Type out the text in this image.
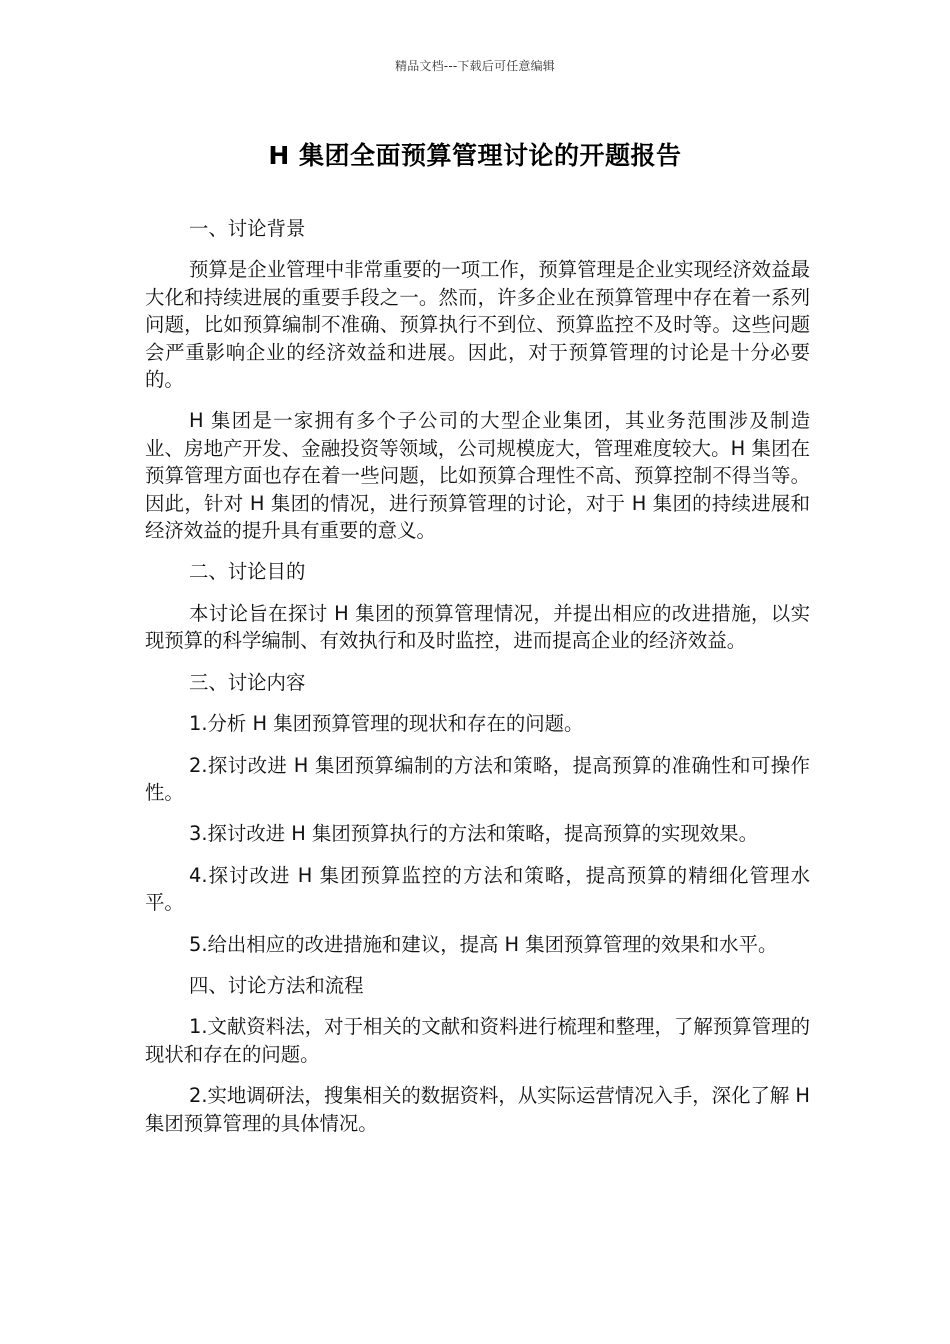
精品文档---下载后可任意编辑
H 集团全面预算管理讨论的开题报告

一、讨论背景

预算是企业管理中非常重要的一项工作，预算管理是企业实现经济效益最大化和持续进展的重要手段之一。然而，许多企业在预算管理中存在着一系列问题，比如预算编制不准确、预算执行不到位、预算监控不及时等。这些问题会严重影响企业的经济效益和进展。因此，对于预算管理的讨论是十分必要的。

H 集团是一家拥有多个子公司的大型企业集团，其业务范围涉及制造业、房地产开发、金融投资等领域，公司规模庞大，管理难度较大。H 集团在预算管理方面也存在着一些问题，比如预算合理性不高、预算控制不得当等。因此，针对 H 集团的情况，进行预算管理的讨论，对于 H 集团的持续进展和经济效益的提升具有重要的意义。

二、讨论目的

本讨论旨在探讨 H 集团的预算管理情况，并提出相应的改进措施，以实现预算的科学编制、有效执行和及时监控，进而提高企业的经济效益。

三、讨论内容

1.分析 H 集团预算管理的现状和存在的问题。

2.探讨改进 H 集团预算编制的方法和策略，提高预算的准确性和可操作性。

3.探讨改进 H 集团预算执行的方法和策略，提高预算的实现效果。

4.探讨改进 H 集团预算监控的方法和策略，提高预算的精细化管理水平。

5.给出相应的改进措施和建议，提高 H 集团预算管理的效果和水平。

四、讨论方法和流程

1.文献资料法，对于相关的文献和资料进行梳理和整理，了解预算管理的现状和存在的问题。

2.实地调研法，搜集相关的数据资料，从实际运营情况入手，深化了解 H 集团预算管理的具体情况。
